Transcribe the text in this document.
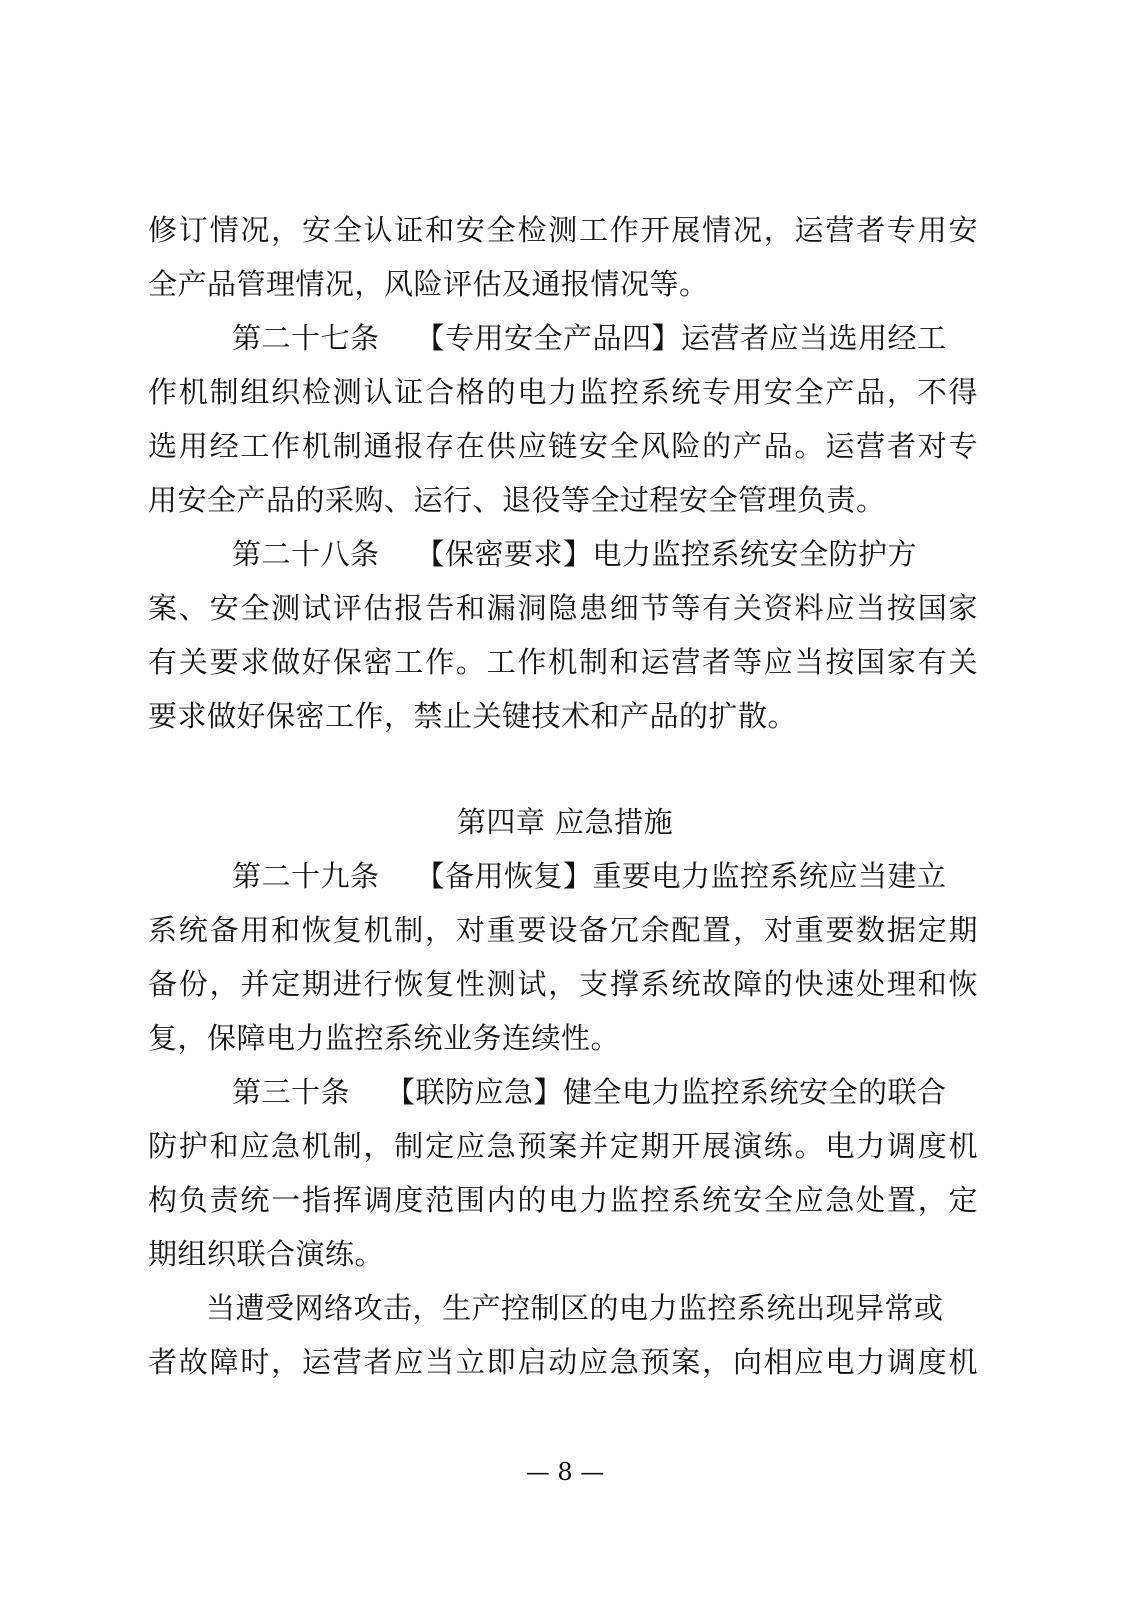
修订情况，安全认证和安全检测工作开展情况，运营者专用安
全产品管理情况，风险评估及通报情况等。
第二十七条 【专用安全产品四】运营者应当选用经工
作机制组织检测认证合格的电力监控系统专用安全产品，不得
选用经工作机制通报存在供应链安全风险的产品。运营者对专
用安全产品的采购、运行、退役等全过程安全管理负责。
第二十八条 【保密要求】电力监控系统安全防护方
案、安全测试评估报告和漏洞隐患细节等有关资料应当按国家
有关要求做好保密工作。工作机制和运营者等应当按国家有关
要求做好保密工作，禁止关键技术和产品的扩散。
第四章 应急措施
第二十九条 【备用恢复】重要电力监控系统应当建立
系统备用和恢复机制，对重要设备冗余配置，对重要数据定期
备份，并定期进行恢复性测试，支撑系统故障的快速处理和恢
复，保障电力监控系统业务连续性。
第三十条 【联防应急】健全电力监控系统安全的联合
防护和应急机制，制定应急预案并定期开展演练。电力调度机
构负责统一指挥调度范围内的电力监控系统安全应急处置，定
期组织联合演练。
当遭受网络攻击，生产控制区的电力监控系统出现异常或
者故障时，运营者应当立即启动应急预案，向相应电力调度机
— 8 —
